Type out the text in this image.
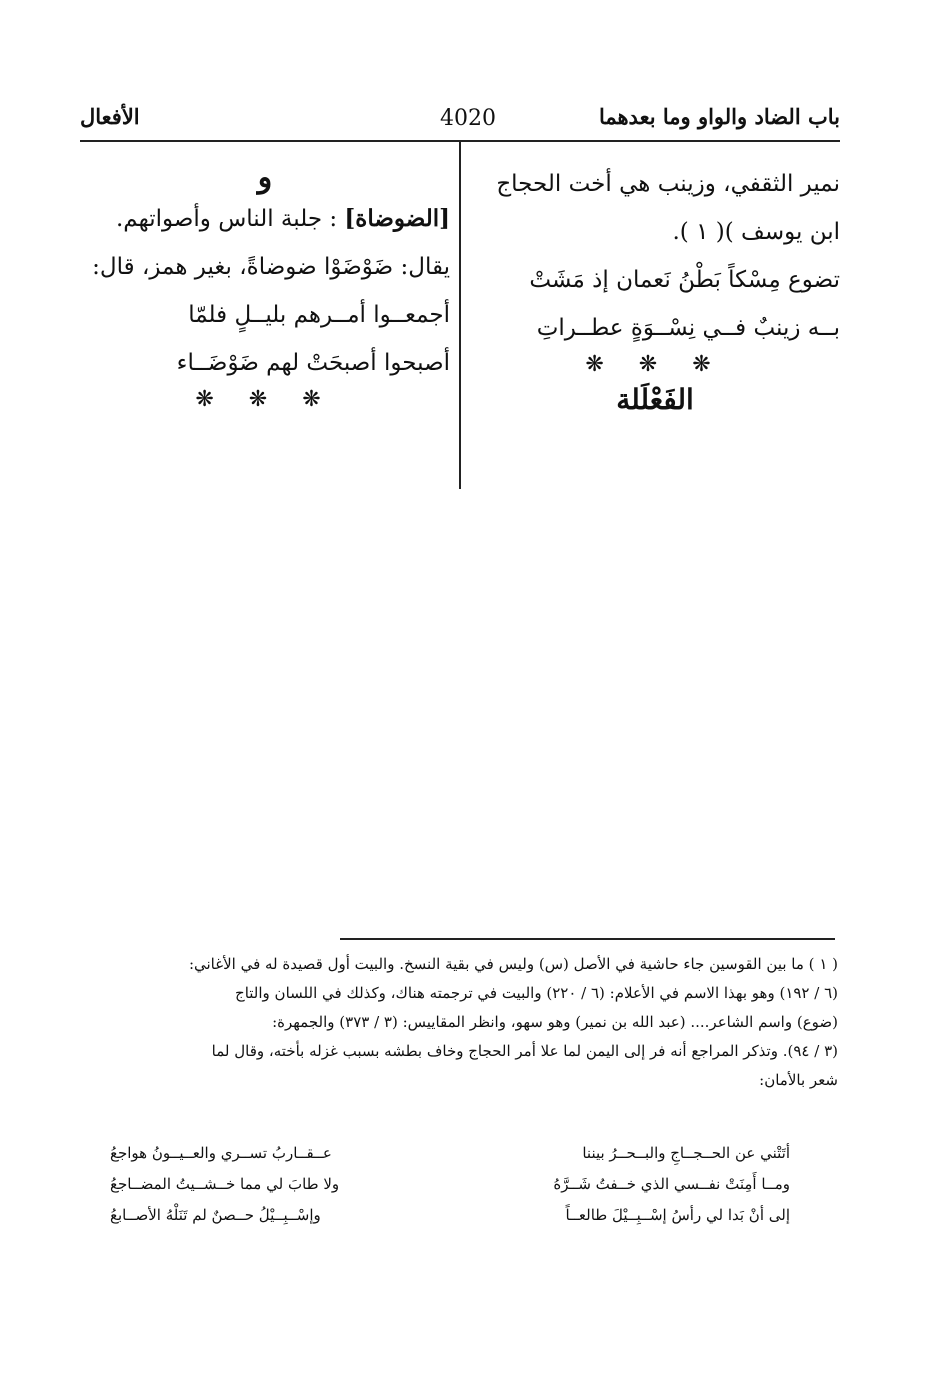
باب الضاد والواو وما بعدهما
4020
الأفعال
نمير الثقفي، وزينب هي أخت الحجاج
ابن يوسف )( ١ ).
تضوع مِسْكاً بَطْنُ نَعمان إذ مَشَتْ
بــه زينبٌ فــي نِسْــوَةٍ عطــراتِ
❋ ❋ ❋
الفَعْلَلة
و
[الضوضاة] : جلبة الناس وأصواتهم.
يقال: ضَوْضَوْا ضوضاةً، بغير همز، قال:
أجمعــوا أمــرهم بليــلٍ فلمّا
أصبحوا أصبحَتْ لهم ضَوْضَــاء
❋ ❋ ❋
( ١ ) ما بين القوسين جاء حاشية في الأصل (س) وليس في بقية النسخ. والبيت أول قصيدة له في الأغاني:
(٦ / ١٩٢) وهو بهذا الاسم في الأعلام: (٦ / ٢٢٠) والبيت في ترجمته هناك، وكذلك في اللسان والتاج
(ضوع) واسم الشاعر.... (عبد الله بن نمير) وهو سهو، وانظر المقاييس: (٣ / ٣٧٣) والجمهرة:
(٣ / ٩٤). وتذكر المراجع أنه فر إلى اليمن لما علا أمر الحجاج وخاف بطشه بسبب غزله بأخته، وقال لما
شعر بالأمان:
أتَتْني عن الحــجــاجِ والبــحــرُ بيننا
عــقــاربُ تســري والعــيــونُ هواجعُ
ومــا أَمِنَتْ نفــسي الذي خــفتُ شَــرَّهُ
ولا طابَ لي مما خــشــيتُ المضــاجعُ
إلى أنْ بَدا لي رأسُ إسْــبِــيْلَ طالعــاً
وإسْــبِــيْلُ حــصنٌ لم تَنَلْهُ الأصــابعُ
